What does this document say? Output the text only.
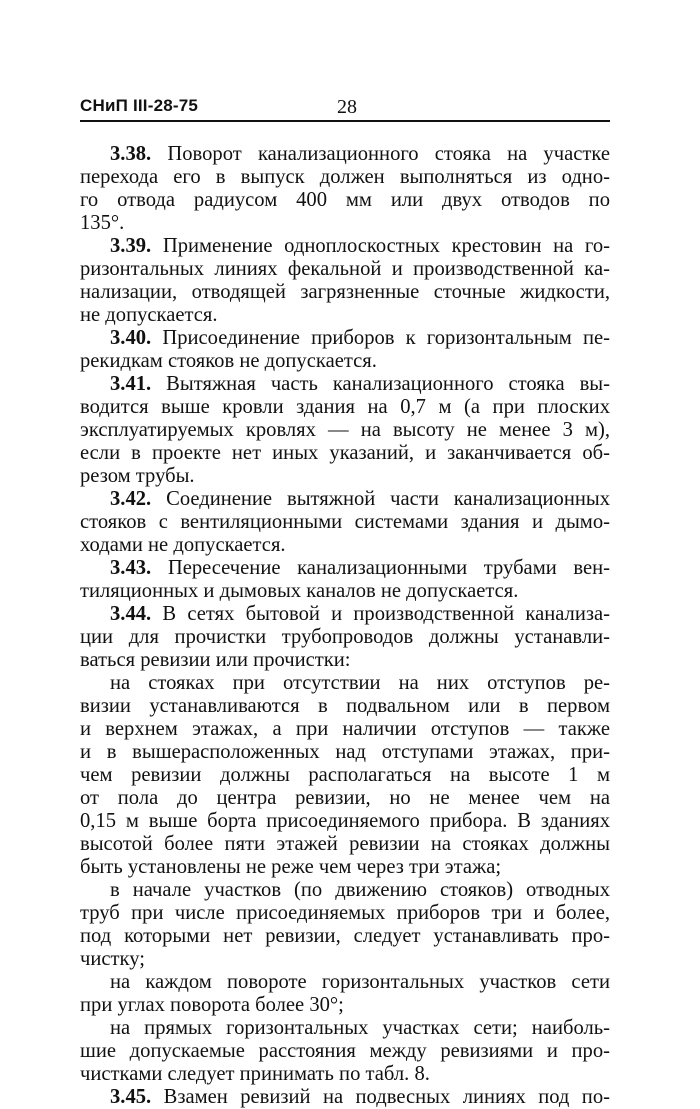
СНиП III-28-75	28
3.38. Поворот канализационного стояка на участке
перехода его в выпуск должен выполняться из одно-
го отвода радиусом 400 мм или двух отводов по
135°.
3.39. Применение одноплоскостных крестовин на го-
ризонтальных линиях фекальной и производственной ка-
нализации, отводящей загрязненные сточные жидкости,
не допускается.
3.40. Присоединение приборов к горизонтальным пе-
рекидкам стояков не допускается.
3.41. Вытяжная часть канализационного стояка вы-
водится выше кровли здания на 0,7 м (а при плоских
эксплуатируемых кровлях — на высоту не менее 3 м),
если в проекте нет иных указаний, и заканчивается об-
резом трубы.
3.42. Соединение вытяжной части канализационных
стояков с вентиляционными системами здания и дымо-
ходами не допускается.
3.43. Пересечение канализационными трубами вен-
тиляционных и дымовых каналов не допускается.
3.44. В сетях бытовой и производственной канализа-
ции для прочистки трубопроводов должны устанавли-
ваться ревизии или прочистки:
на стояках при отсутствии на них отступов ре-
визии устанавливаются в подвальном или в первом
и верхнем этажах, а при наличии отступов — также
и в вышерасположенных над отступами этажах, при-
чем ревизии должны располагаться на высоте 1 м
от пола до центра ревизии, но не менее чем на
0,15 м выше борта присоединяемого прибора. В зданиях
высотой более пяти этажей ревизии на стояках должны
быть установлены не реже чем через три этажа;
в начале участков (по движению стояков) отводных
труб при числе присоединяемых приборов три и более,
под которыми нет ревизии, следует устанавливать про-
чистку;
на каждом повороте горизонтальных участков сети
при углах поворота более 30°;
на прямых горизонтальных участках сети; наиболь-
шие допускаемые расстояния между ревизиями и про-
чистками следует принимать по табл. 8.
3.45. Взамен ревизий на подвесных линиях под по-
